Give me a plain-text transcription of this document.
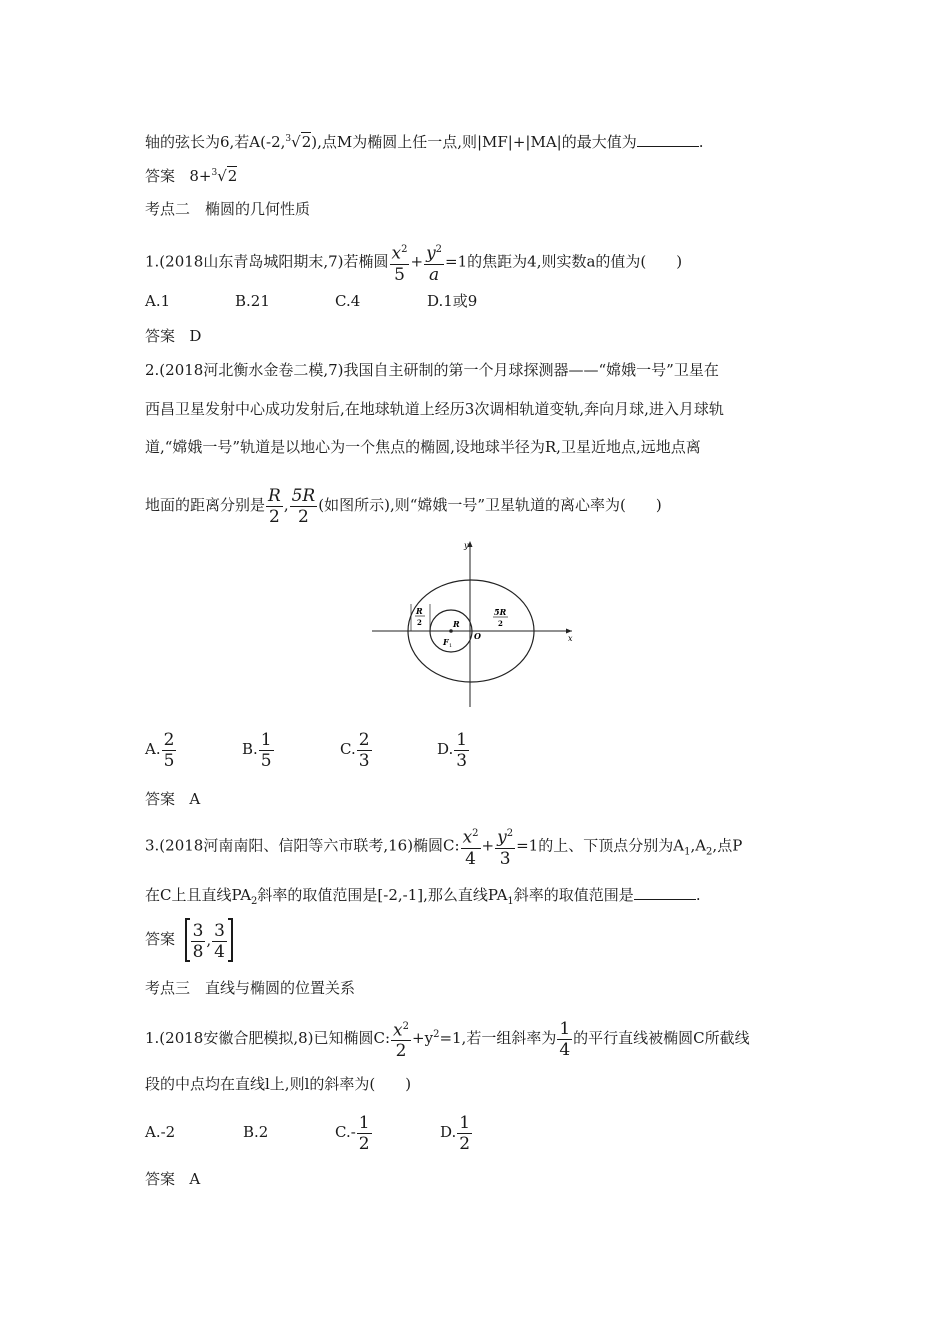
轴的弦长为6,若A(-2,$^3$√2),点M为椭圆上任一点,则|MF|+|MA|的最大值为	.
答案 8+$^3$√2
考点二　椭圆的几何性质
1.(2018山东青岛城阳期末,7)若椭圆 $\frac{x^2}{5} + \frac{y^2}{a} =1$的焦距为4,则实数a的值为(　　)
A.1	B.21	C.4	D.1或9
答案 D
2.(2018河北衡水金卷二模,7)我国自主研制的第一个月球探测器——“嫦娥一号”卫星在
西昌卫星发射中心成功发射后,在地球轨道上经历3次调相轨道变轨,奔向月球,进入月球轨
道,“嫦娥一号”轨道是以地心为一个焦点的椭圆,设地球半径为R,卫星近地点,远地点离
地面的距离分别是 $\frac{R}{2}$ , $\frac{5R}{2}$ (如图所示),则“嫦娥一号”卫星轨道的离心率为(　　)
y
x
R
F 1
O
R
2
5R
2
A. $\frac{2}{5}$	B. $\frac{1}{5}$	C. $\frac{2}{3}$	D. $\frac{1}{3}$
答案 A
3.(2018河南南阳、信阳等六市联考,16)椭圆C: $\frac{x^2}{4} + \frac{y^2}{3} =1$的上、下顶点分别为$A_1,A_2$,点P
在C上且直线$PA_2$斜率的取值范围是[-2,-1],那么直线$PA_1$斜率的取值范围是	.
答案 $\frac{3}{8}$ , $\frac{3}{4}$
考点三　直线与椭圆的位置关系
1.(2018安徽合肥模拟,8)已知椭圆C: $\frac{x^2}{2} +y^2=1$,若一组斜率为 $\frac{1}{4}$ 的平行直线被椭圆C所截线
段的中点均在直线l上,则l的斜率为(　　)
A.-2	B.2	$C.- \frac{1}{2}$	D. $\frac{1}{2}$
答案 A
